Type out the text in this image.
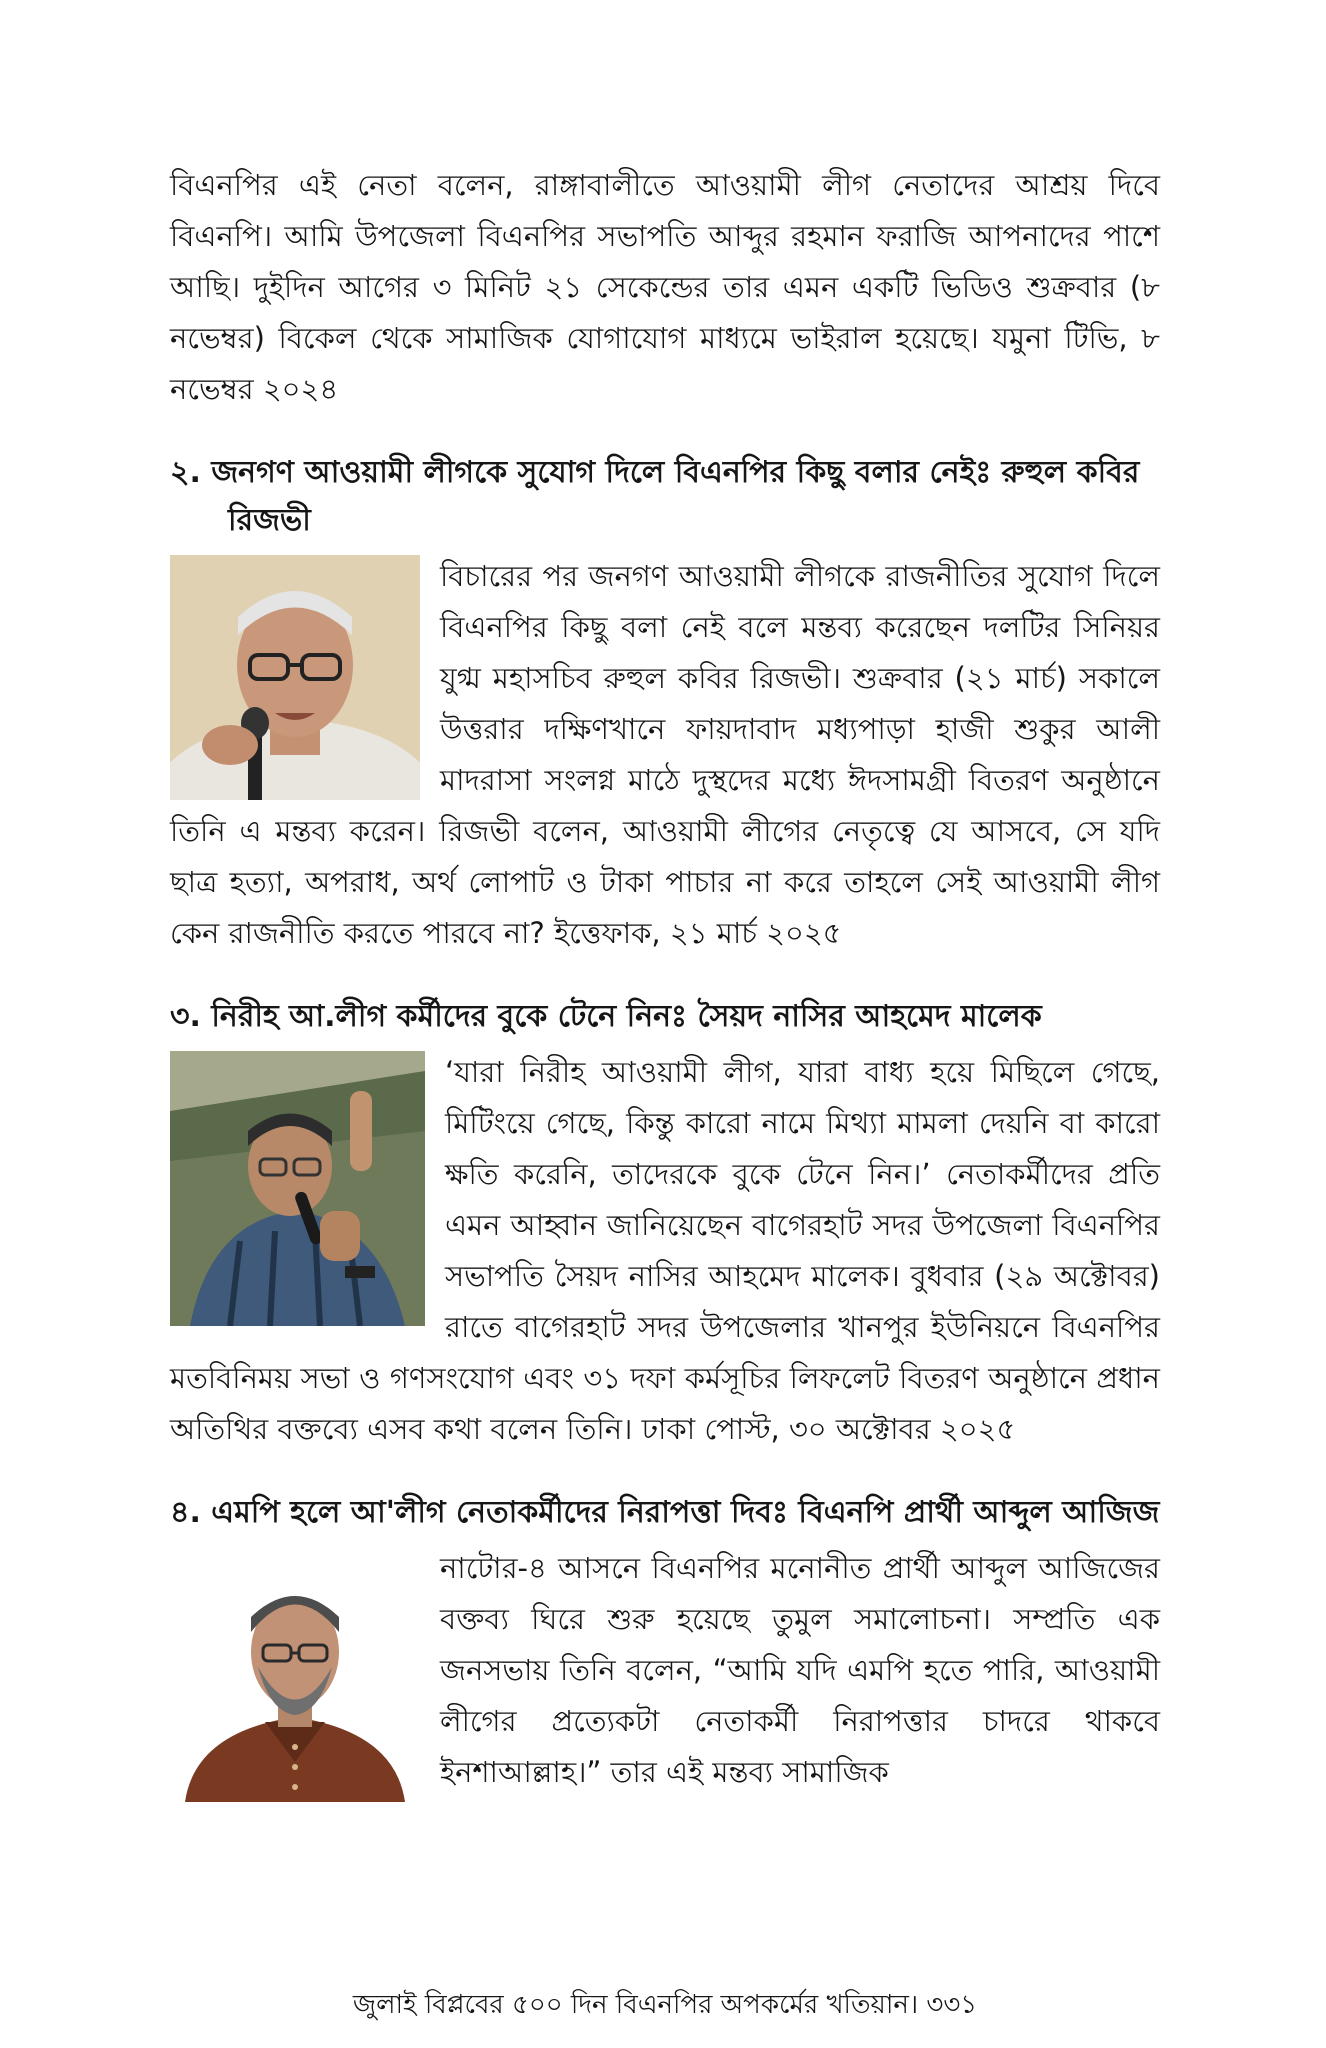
বিএনপির এই নেতা বলেন, রাঙ্গাবালীতে আওয়ামী লীগ নেতাদের আশ্রয় দিবে বিএনপি। আমি উপজেলা বিএনপির সভাপতি আব্দুর রহমান ফরাজি আপনাদের পাশে আছি। দুইদিন আগের ৩ মিনিট ২১ সেকেন্ডের তার এমন একটি ভিডিও শুক্রবার (৮ নভেম্বর) বিকেল থেকে সামাজিক যোগাযোগ মাধ্যমে ভাইরাল হয়েছে। যমুনা টিভি, ৮ নভেম্বর ২০২৪

২. জনগণ আওয়ামী লীগকে সুযোগ দিলে বিএনপির কিছু বলার নেইঃ রুহুল কবির রিজভী

বিচারের পর জনগণ আওয়ামী লীগকে রাজনীতির সুযোগ দিলে বিএনপির কিছু বলা নেই বলে মন্তব্য করেছেন দলটির সিনিয়র যুগ্ম মহাসচিব রুহুল কবির রিজভী। শুক্রবার (২১ মার্চ) সকালে উত্তরার দক্ষিণখানে ফায়দাবাদ মধ্যপাড়া হাজী শুকুর আলী মাদরাসা সংলগ্ন মাঠে দুস্থদের মধ্যে ঈদসামগ্রী বিতরণ অনুষ্ঠানে তিনি এ মন্তব্য করেন। রিজভী বলেন, আওয়ামী লীগের নেতৃত্বে যে আসবে, সে যদি ছাত্র হত্যা, অপরাধ, অর্থ লোপাট ও টাকা পাচার না করে তাহলে সেই আওয়ামী লীগ কেন রাজনীতি করতে পারবে না? ইত্তেফাক, ২১ মার্চ ২০২৫

৩. নিরীহ আ.লীগ কর্মীদের বুকে টেনে নিনঃ সৈয়দ নাসির আহমেদ মালেক

‘যারা নিরীহ আওয়ামী লীগ, যারা বাধ্য হয়ে মিছিলে গেছে, মিটিংয়ে গেছে, কিন্তু কারো নামে মিথ্যা মামলা দেয়নি বা কারো ক্ষতি করেনি, তাদেরকে বুকে টেনে নিন।’ নেতাকর্মীদের প্রতি এমন আহ্বান জানিয়েছেন বাগেরহাট সদর উপজেলা বিএনপির সভাপতি সৈয়দ নাসির আহমেদ মালেক। বুধবার (২৯ অক্টোবর) রাতে বাগেরহাট সদর উপজেলার খানপুর ইউনিয়নে বিএনপির মতবিনিময় সভা ও গণসংযোগ এবং ৩১ দফা কর্মসূচির লিফলেট বিতরণ অনুষ্ঠানে প্রধান অতিথির বক্তব্যে এসব কথা বলেন তিনি। ঢাকা পোস্ট, ৩০ অক্টোবর ২০২৫

৪. এমপি হলে আ'লীগ নেতাকর্মীদের নিরাপত্তা দিবঃ বিএনপি প্রার্থী আব্দুল আজিজ

নাটোর-৪ আসনে বিএনপির মনোনীত প্রার্থী আব্দুল আজিজের বক্তব্য ঘিরে শুরু হয়েছে তুমুল সমালোচনা। সম্প্রতি এক জনসভায় তিনি বলেন, “আমি যদি এমপি হতে পারি, আওয়ামী লীগের প্রত্যেকটা নেতাকর্মী নিরাপত্তার চাদরে থাকবে ইনশাআল্লাহ।” তার এই মন্তব্য সামাজিক

জুলাই বিপ্লবের ৫০০ দিন বিএনপির অপকর্মের খতিয়ান। ৩৩১
